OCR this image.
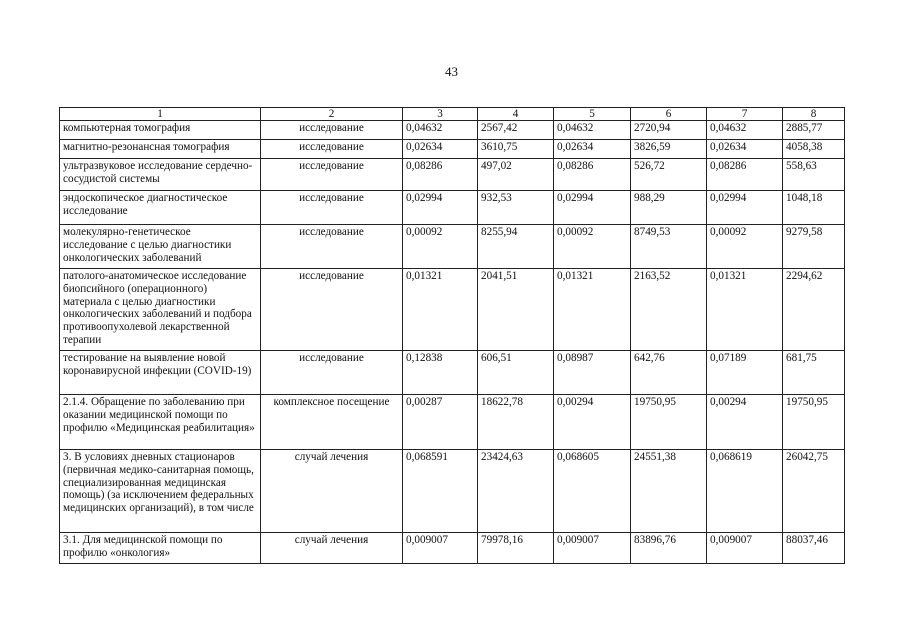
43
1	2	3	4	5	6	7	8
компьютерная томография	исследование	0,04632	2567,42	0,04632	2720,94	0,04632	2885,77
магнитно-резонансная томография	исследование	0,02634	3610,75	0,02634	3826,59	0,02634	4058,38
ультразвуковое исследование сердечно-сосудистой системы	исследование	0,08286	497,02	0,08286	526,72	0,08286	558,63
эндоскопическое диагностическое исследование	исследование	0,02994	932,53	0,02994	988,29	0,02994	1048,18
молекулярно-генетическое исследование с целью диагностики онкологических заболеваний	исследование	0,00092	8255,94	0,00092	8749,53	0,00092	9279,58
патолого-анатомическое исследование биопсийного (операционного) материала с целью диагностики онкологических заболеваний и подбора противоопухолевой лекарственной терапии	исследование	0,01321	2041,51	0,01321	2163,52	0,01321	2294,62
тестирование на выявление новой коронавирусной инфекции (COVID-19)	исследование	0,12838	606,51	0,08987	642,76	0,07189	681,75
2.1.4. Обращение по заболеванию при оказании медицинской помощи по профилю «Медицинская реабилитация»	комплексное посещение	0,00287	18622,78	0,00294	19750,95	0,00294	19750,95
3. В условиях дневных стационаров (первичная медико-санитарная помощь, специализированная медицинская помощь) (за исключением федеральных медицинских организаций), в том числе	случай лечения	0,068591	23424,63	0,068605	24551,38	0,068619	26042,75
3.1. Для медицинской помощи по профилю «онкология»	случай лечения	0,009007	79978,16	0,009007	83896,76	0,009007	88037,46
